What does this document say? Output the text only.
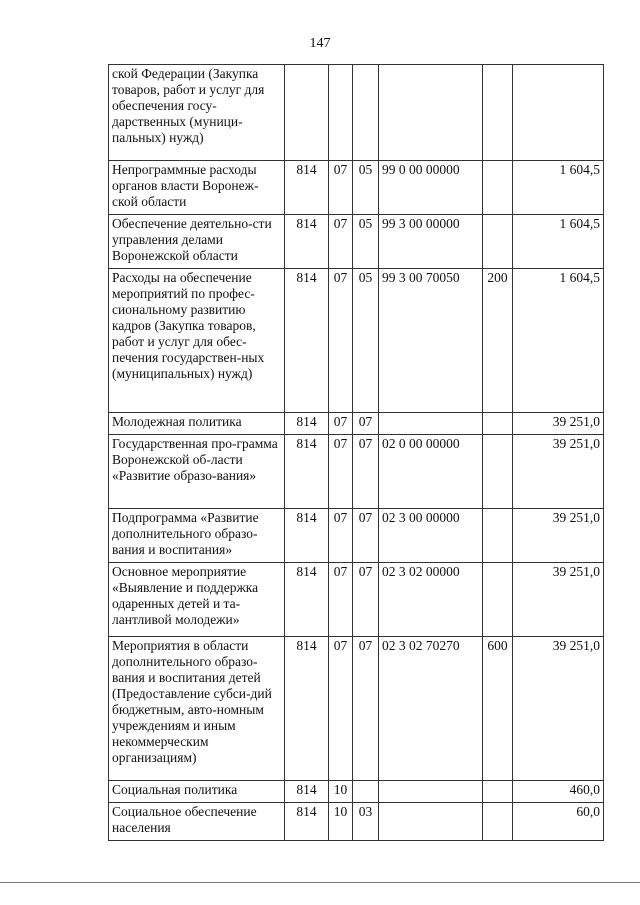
147
ской Федерации (Закупка товаров, работ и услуг для обеспечения госу-дарственных (муници-пальных) нужд)						
Непрограммные расходы органов власти Воронеж-ской области	814	07	05	99 0 00 00000		1 604,5
Обеспечение деятельно-сти управления делами Воронежской области	814	07	05	99 3 00 00000		1 604,5
Расходы на обеспечение мероприятий по профес-сиональному развитию кадров (Закупка товаров, работ и услуг для обес-печения государствен-ных (муниципальных) нужд)	814	07	05	99 3 00 70050	200	1 604,5
Молодежная политика	814	07	07			39 251,0
Государственная про-грамма Воронежской об-ласти «Развитие образо-вания»	814	07	07	02 0 00 00000		39 251,0
Подпрограмма «Развитие дополнительного образо-вания и воспитания»	814	07	07	02 3 00 00000		39 251,0
Основное мероприятие «Выявление и поддержка одаренных детей и та-лантливой молодежи»	814	07	07	02 3 02 00000		39 251,0
Мероприятия в области дополнительного образо-вания и воспитания детей (Предоставление субси-дий бюджетным, авто-номным учреждениям и иным некоммерческим организациям)	814	07	07	02 3 02 70270	600	39 251,0
Социальная политика	814	10				460,0
Социальное обеспечение населения	814	10	03			60,0
